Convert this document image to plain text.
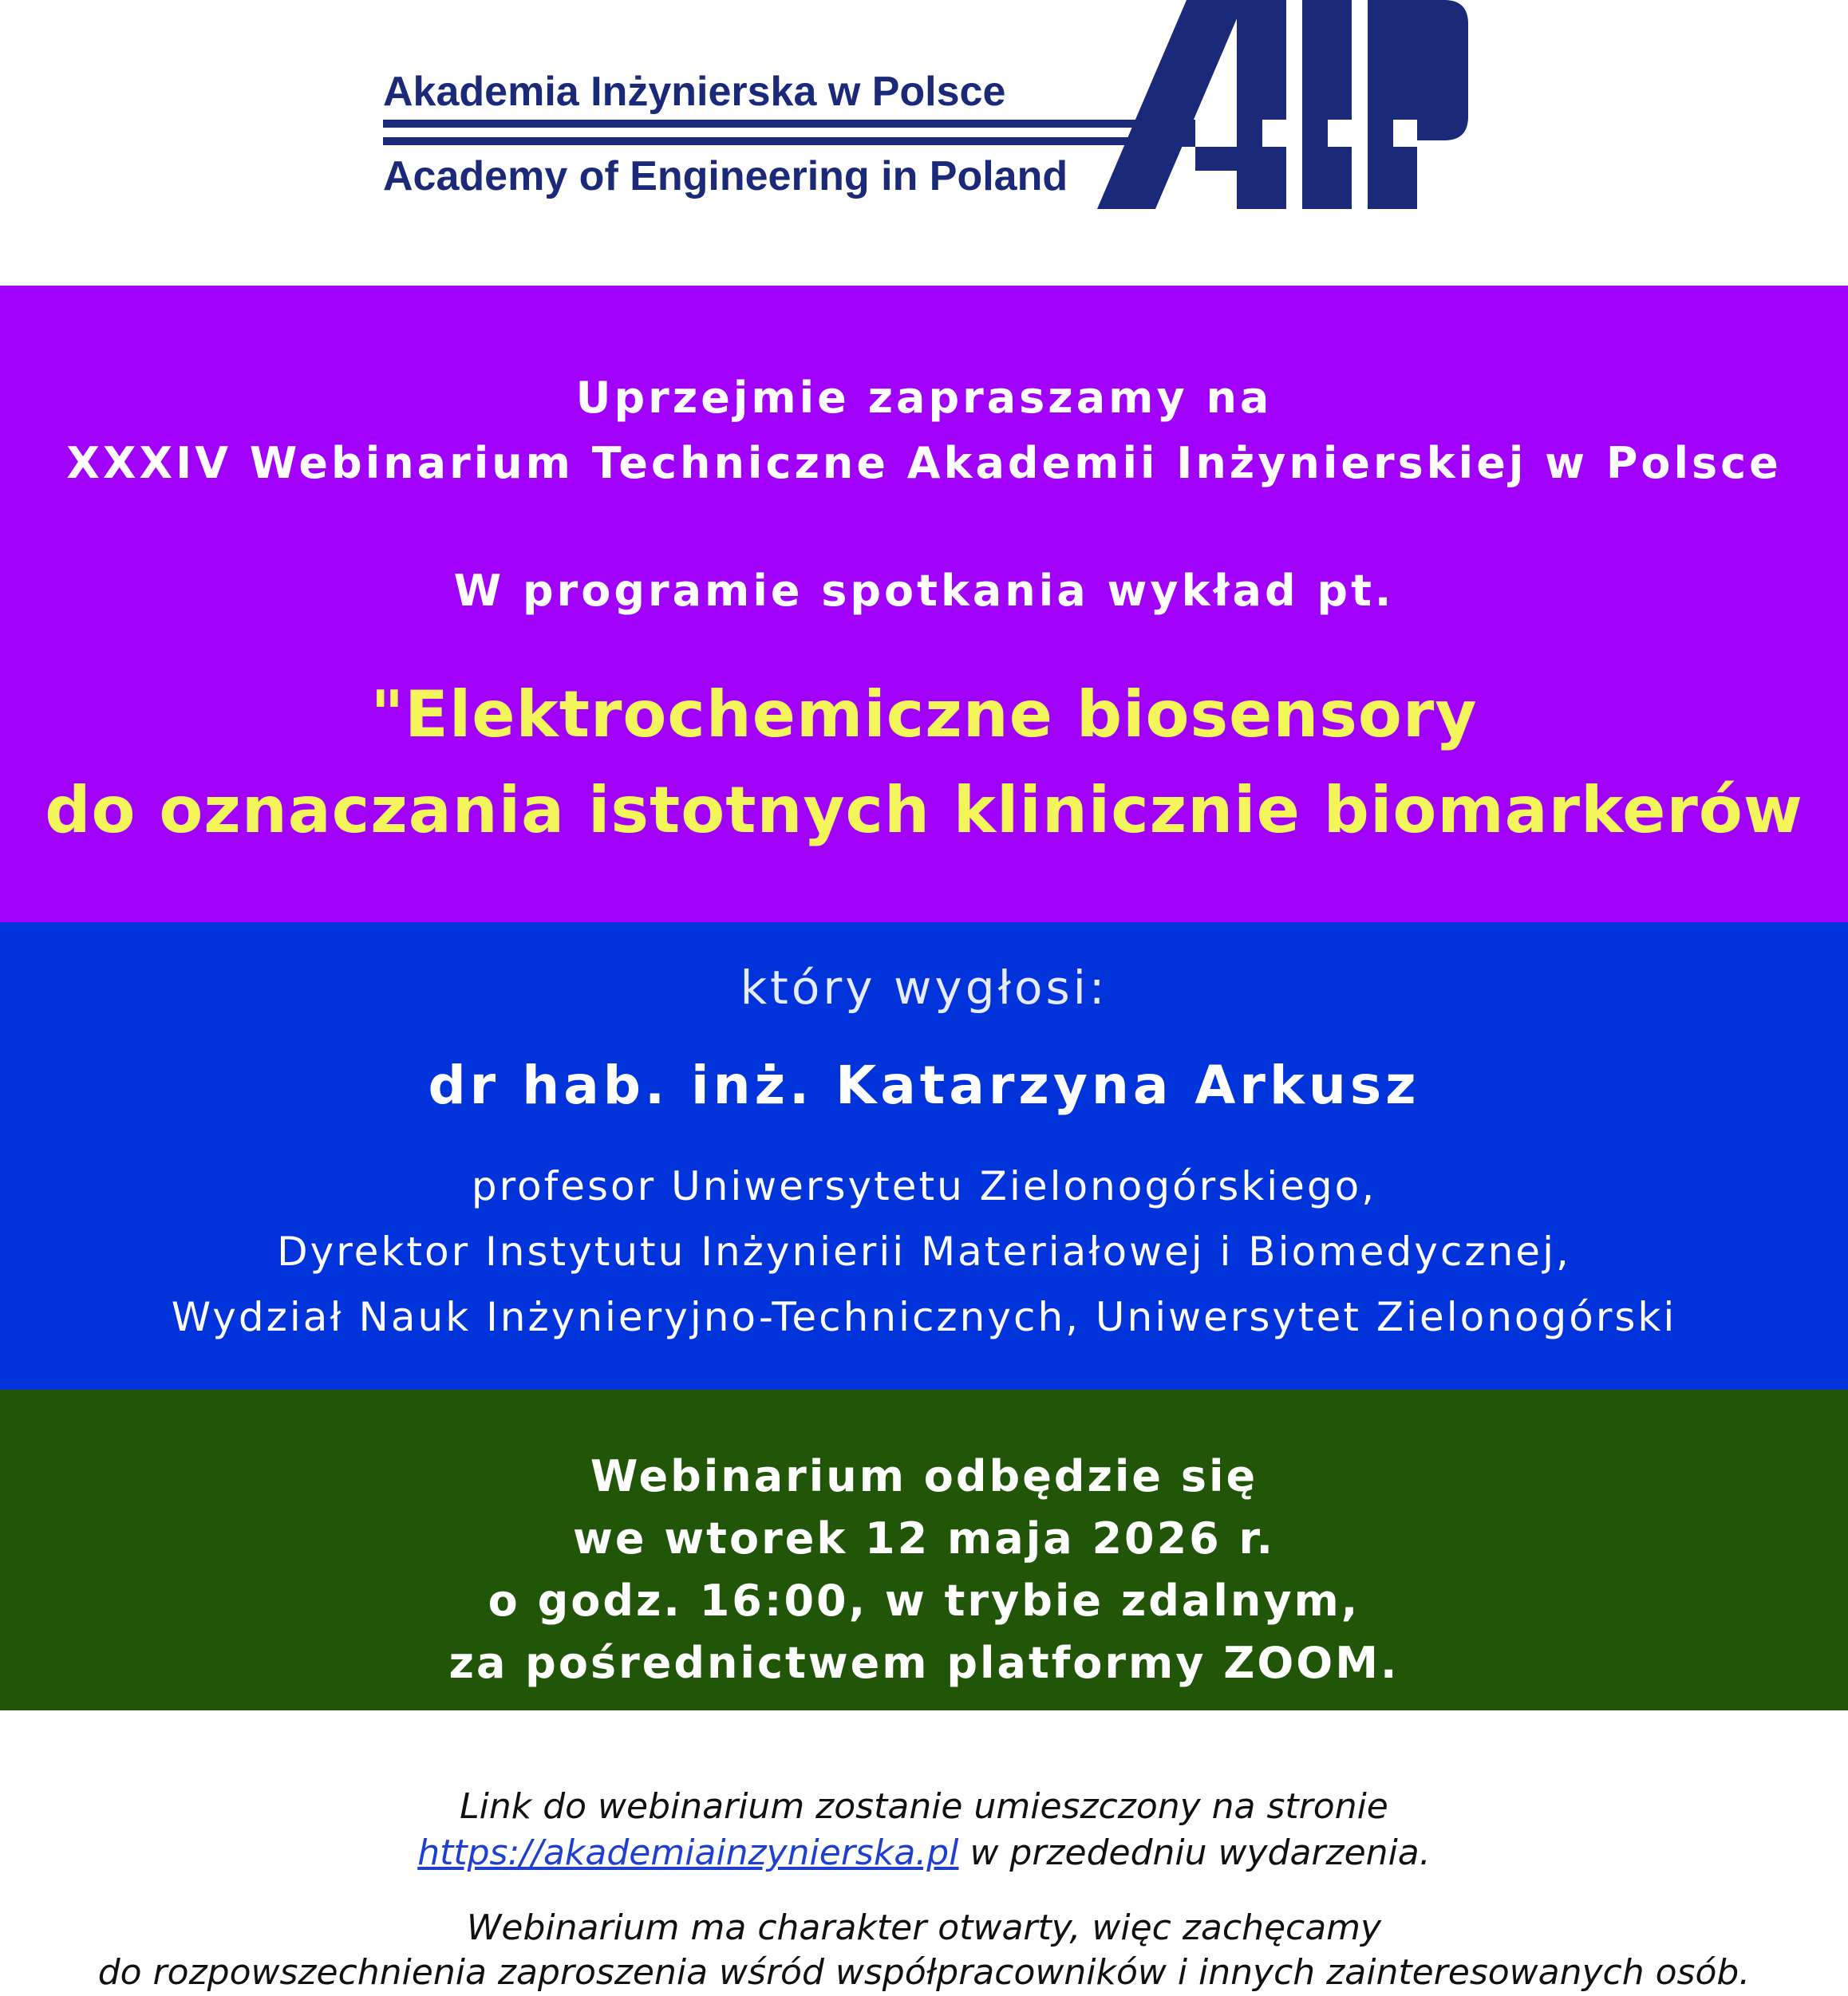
Akademia Inżynierska w Polsce
Academy of Engineering in Poland

Uprzejmie zapraszamy na

XXXIV Webinarium Techniczne Akademii Inżynierskiej w Polsce

W programie spotkania wykład pt.

"Elektrochemiczne biosensory

do oznaczania istotnych klinicznie biomarkerów

który wygłosi:

dr hab. inż. Katarzyna Arkusz

profesor Uniwersytetu Zielonogórskiego,

Dyrektor Instytutu Inżynierii Materiałowej i Biomedycznej,

Wydział Nauk Inżynieryjno-Technicznych, Uniwersytet Zielonogórski

Webinarium odbędzie się

we wtorek 12 maja 2026 r.

o godz. 16:00, w trybie zdalnym,

za pośrednictwem platformy ZOOM.

Link do webinarium zostanie umieszczony na stronie
https://akademiainzynierska.pl w przededniu wydarzenia.
Webinarium ma charakter otwarty, więc zachęcamy
do rozpowszechnienia zaproszenia wśród współpracowników i innych zainteresowanych osób.
